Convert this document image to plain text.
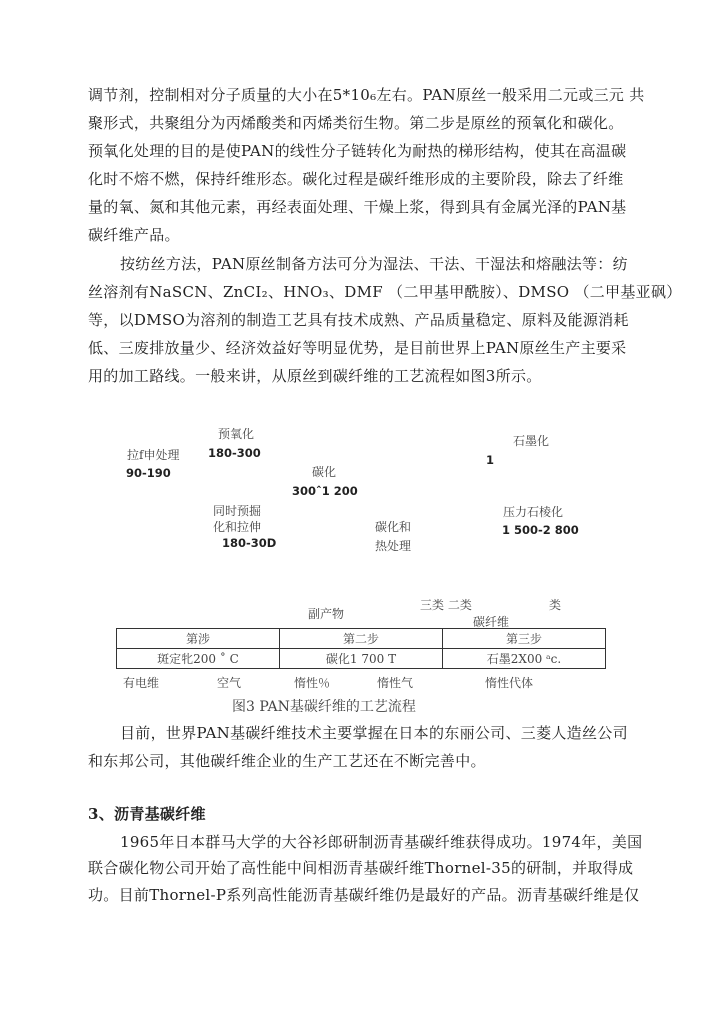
调节剂，控制相对分子质量的大小在5*10₆左右。PAN原丝一般采用二元或三元 共
聚形式，共聚组分为丙烯酸类和丙烯类衍生物。第二步是原丝的预氧化和碳化。
预氧化处理的目的是使PAN的线性分子链转化为耐热的梯形结构，使其在高温碳
化时不熔不燃，保持纤维形态。碳化过程是碳纤维形成的主要阶段，除去了纤维
量的氧、氮和其他元素，再经表面处理、干燥上浆，得到具有金属光泽的PAN基
碳纤维产品。
按纺丝方法，PAN原丝制备方法可分为湿法、干法、干湿法和熔融法等：纺
丝溶剂有NaSCN、ZnCI₂、HNO₃、DMF （二甲基甲酰胺）、DMSO （二甲基亚砜）
等，以DMSO为溶剂的制造工艺具有技术成熟、产品质量稳定、原料及能源消耗
低、三废排放量少、经济效益好等明显优势，是目前世界上PAN原丝生产主要采
用的加工路线。一般来讲，从原丝到碳纤维的工艺流程如图3所示。
拉f申处理
预氧化
碳化
同时预掘
化和拉伸	碳化和
热处理
石墨化
压力石棱化
副产物
三类 二类	类
碳纤维
90-190
180-300
300ˆ1 200
180-30D
1
1 500-2 800
第涉	第二步	第三步
斑定牝200 ˚ C	碳化1 700 T	石墨2X00 ᵃc.
有电维	空气	惰性％	惰性气	惰性代体
图3 PAN基碳纤维的工艺流程
目前，世界PAN基碳纤维技术主要掌握在日本的东丽公司、三菱人造丝公司
和东邦公司，其他碳纤维企业的生产工艺还在不断完善中。
3、沥青基碳纤维
1965年日本群马大学的大谷衫郎研制沥青基碳纤维获得成功。1974年，美国
联合碳化物公司开始了高性能中间相沥青基碳纤维Thornel-35的研制，并取得成
功。目前Thornel-P系列高性能沥青基碳纤维仍是最好的产品。沥青基碳纤维是仅
